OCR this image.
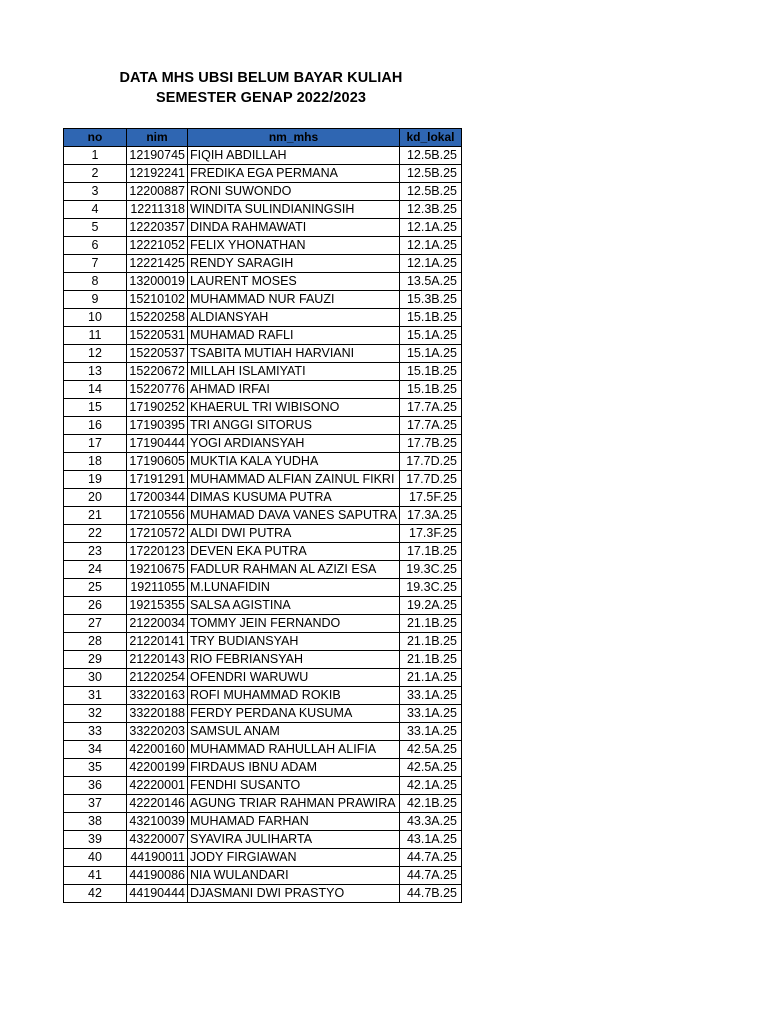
DATA MHS UBSI BELUM BAYAR KULIAH
SEMESTER GENAP 2022/2023
no	nim	nm_mhs	kd_lokal
1	12190745	FIQIH ABDILLAH	12.5B.25
2	12192241	FREDIKA EGA PERMANA	12.5B.25
3	12200887	RONI SUWONDO	12.5B.25
4	12211318	WINDITA SULINDIANINGSIH	12.3B.25
5	12220357	DINDA RAHMAWATI	12.1A.25
6	12221052	FELIX YHONATHAN	12.1A.25
7	12221425	RENDY SARAGIH	12.1A.25
8	13200019	LAURENT MOSES	13.5A.25
9	15210102	MUHAMMAD NUR FAUZI	15.3B.25
10	15220258	ALDIANSYAH	15.1B.25
11	15220531	MUHAMAD RAFLI	15.1A.25
12	15220537	TSABITA MUTIAH HARVIANI	15.1A.25
13	15220672	MILLAH ISLAMIYATI	15.1B.25
14	15220776	AHMAD IRFAI	15.1B.25
15	17190252	KHAERUL TRI WIBISONO	17.7A.25
16	17190395	TRI ANGGI SITORUS	17.7A.25
17	17190444	YOGI ARDIANSYAH	17.7B.25
18	17190605	MUKTIA KALA YUDHA	17.7D.25
19	17191291	MUHAMMAD ALFIAN ZAINUL FIKRI	17.7D.25
20	17200344	DIMAS KUSUMA PUTRA	17.5F.25
21	17210556	MUHAMAD DAVA VANES SAPUTRA	17.3A.25
22	17210572	ALDI DWI PUTRA	17.3F.25
23	17220123	DEVEN EKA PUTRA	17.1B.25
24	19210675	FADLUR RAHMAN AL AZIZI ESA	19.3C.25
25	19211055	M.LUNAFIDIN	19.3C.25
26	19215355	SALSA AGISTINA	19.2A.25
27	21220034	TOMMY JEIN FERNANDO	21.1B.25
28	21220141	TRY BUDIANSYAH	21.1B.25
29	21220143	RIO FEBRIANSYAH	21.1B.25
30	21220254	OFENDRI WARUWU	21.1A.25
31	33220163	ROFI MUHAMMAD ROKIB	33.1A.25
32	33220188	FERDY PERDANA KUSUMA	33.1A.25
33	33220203	SAMSUL ANAM	33.1A.25
34	42200160	MUHAMMAD RAHULLAH ALIFIA	42.5A.25
35	42200199	FIRDAUS IBNU ADAM	42.5A.25
36	42220001	FENDHI SUSANTO	42.1A.25
37	42220146	AGUNG TRIAR RAHMAN PRAWIRA	42.1B.25
38	43210039	MUHAMAD FARHAN	43.3A.25
39	43220007	SYAVIRA JULIHARTA	43.1A.25
40	44190011	JODY FIRGIAWAN	44.7A.25
41	44190086	NIA WULANDARI	44.7A.25
42	44190444	DJASMANI DWI PRASTYO	44.7B.25
